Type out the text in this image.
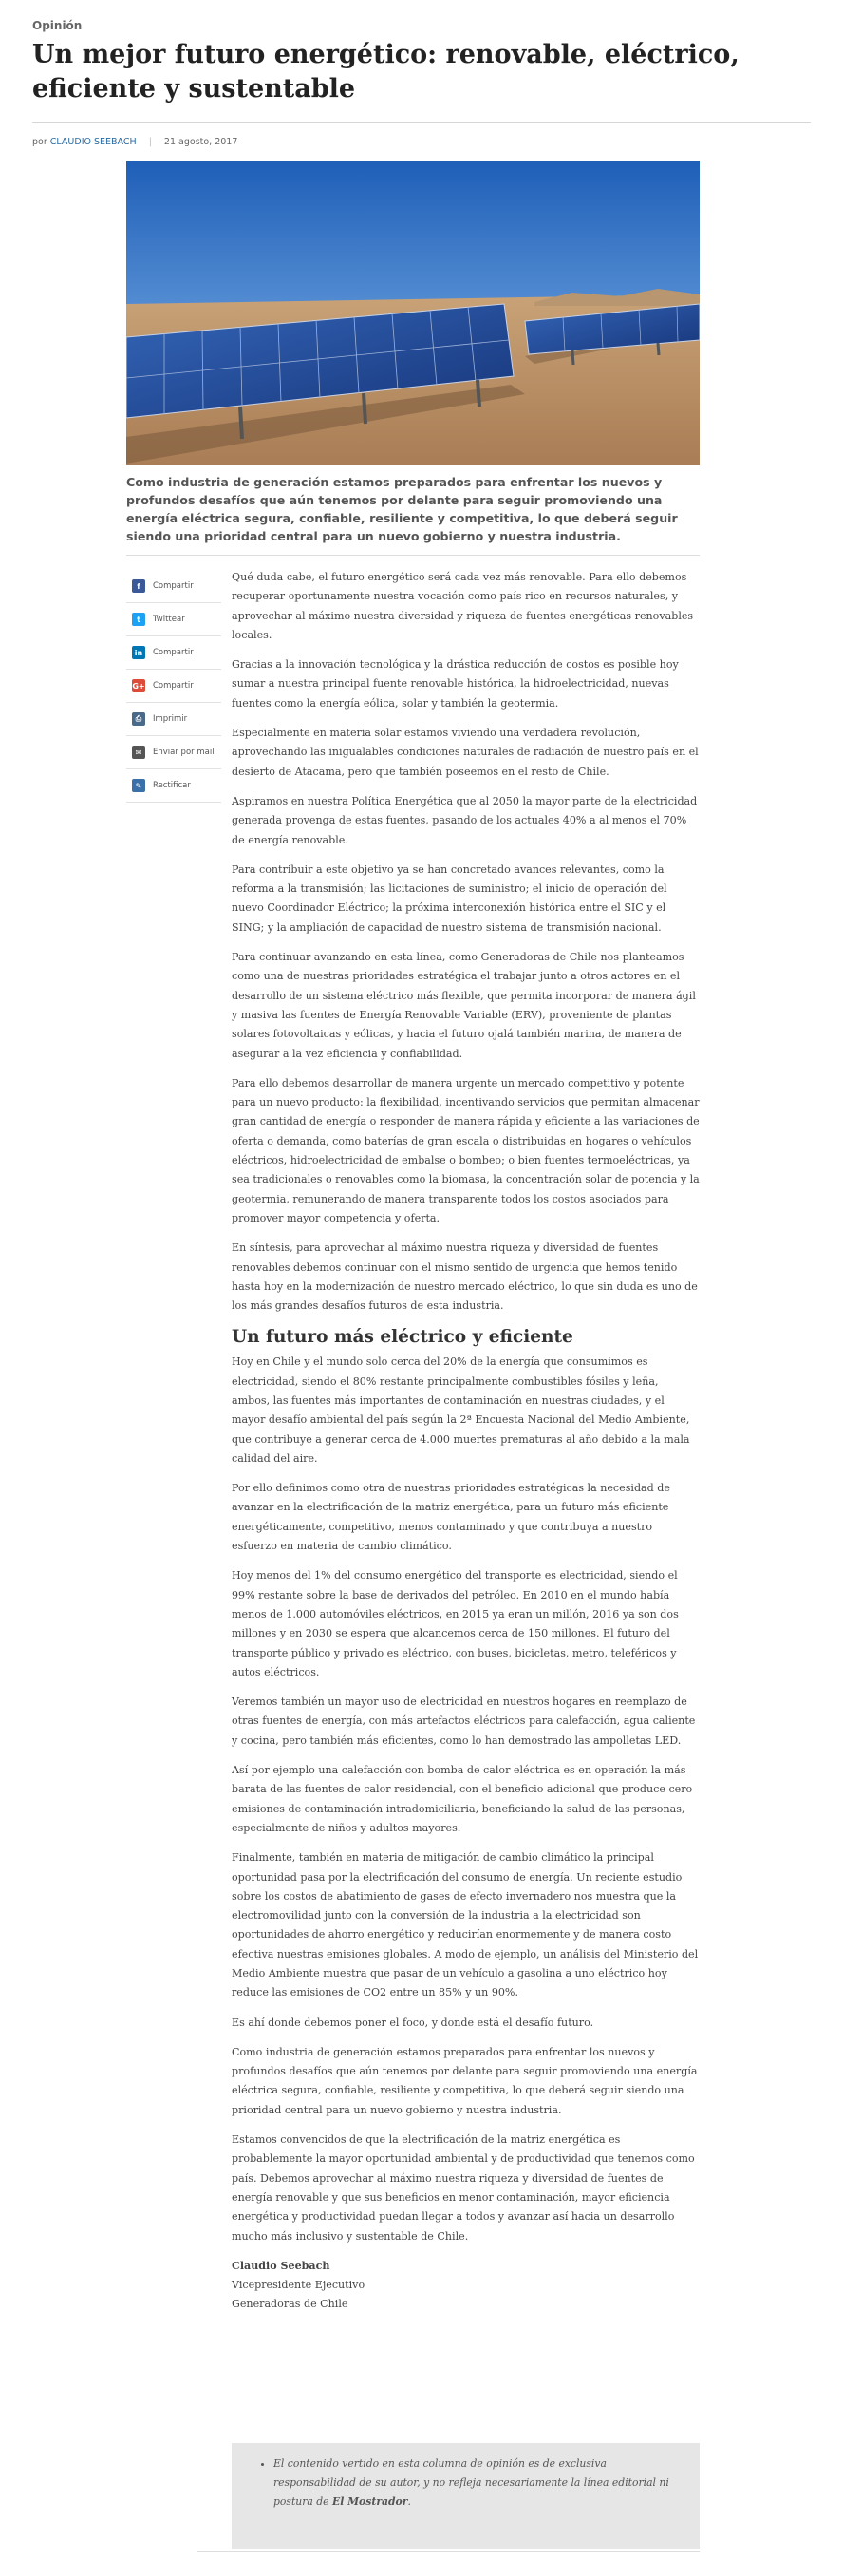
Opinión
Un mejor futuro energético: renovable, eléctrico, eficiente y sustentable
por CLAUDIO SEEBACH | 21 agosto, 2017

Como industria de generación estamos preparados para enfrentar los nuevos y profundos desafíos que aún tenemos por delante para seguir promoviendo una energía eléctrica segura, confiable, resiliente y competitiva, lo que deberá seguir siendo una prioridad central para un nuevo gobierno y nuestra industria.

f	Compartir
t	Twittear
in	Compartir
G+ Compartir
⎙	Imprimir
✉	Enviar por mail
✎	Rectificar

Qué duda cabe, el futuro energético será cada vez más renovable. Para ello debemos recuperar oportunamente nuestra vocación como país rico en recursos naturales, y aprovechar al máximo nuestra diversidad y riqueza de fuentes energéticas renovables locales.

Gracias a la innovación tecnológica y la drástica reducción de costos es posible hoy sumar a nuestra principal fuente renovable histórica, la hidroelectricidad, nuevas fuentes como la energía eólica, solar y también la geotermia.

Especialmente en materia solar estamos viviendo una verdadera revolución, aprovechando las inigualables condiciones naturales de radiación de nuestro país en el desierto de Atacama, pero que también poseemos en el resto de Chile.

Aspiramos en nuestra Política Energética que al 2050 la mayor parte de la electricidad generada provenga de estas fuentes, pasando de los actuales 40% a al menos el 70% de energía renovable.

Para contribuir a este objetivo ya se han concretado avances relevantes, como la reforma a la transmisión; las licitaciones de suministro; el inicio de operación del nuevo Coordinador Eléctrico; la próxima interconexión histórica entre el SIC y el SING; y la ampliación de capacidad de nuestro sistema de transmisión nacional.

Para continuar avanzando en esta línea, como Generadoras de Chile nos planteamos como una de nuestras prioridades estratégica el trabajar junto a otros actores en el desarrollo de un sistema eléctrico más flexible, que permita incorporar de manera ágil y masiva las fuentes de Energía Renovable Variable (ERV), proveniente de plantas solares fotovoltaicas y eólicas, y hacia el futuro ojalá también marina, de manera de asegurar a la vez eficiencia y confiabilidad.

Para ello debemos desarrollar de manera urgente un mercado competitivo y potente para un nuevo producto: la flexibilidad, incentivando servicios que permitan almacenar gran cantidad de energía o responder de manera rápida y eficiente a las variaciones de oferta o demanda, como baterías de gran escala o distribuidas en hogares o vehículos eléctricos, hidroelectricidad de embalse o bombeo; o bien fuentes termoeléctricas, ya sea tradicionales o renovables como la biomasa, la concentración solar de potencia y la geotermia, remunerando de manera transparente todos los costos asociados para promover mayor competencia y oferta.

En síntesis, para aprovechar al máximo nuestra riqueza y diversidad de fuentes renovables debemos continuar con el mismo sentido de urgencia que hemos tenido hasta hoy en la modernización de nuestro mercado eléctrico, lo que sin duda es uno de los más grandes desafíos futuros de esta industria.

Un futuro más eléctrico y eficiente

Hoy en Chile y el mundo solo cerca del 20% de la energía que consumimos es electricidad, siendo el 80% restante principalmente combustibles fósiles y leña, ambos, las fuentes más importantes de contaminación en nuestras ciudades, y el mayor desafío ambiental del país según la 2ª Encuesta Nacional del Medio Ambiente, que contribuye a generar cerca de 4.000 muertes prematuras al año debido a la mala calidad del aire.

Por ello definimos como otra de nuestras prioridades estratégicas la necesidad de avanzar en la electrificación de la matriz energética, para un futuro más eficiente energéticamente, competitivo, menos contaminado y que contribuya a nuestro esfuerzo en materia de cambio climático.

Hoy menos del 1% del consumo energético del transporte es electricidad, siendo el 99% restante sobre la base de derivados del petróleo. En 2010 en el mundo había menos de 1.000 automóviles eléctricos, en 2015 ya eran un millón, 2016 ya son dos millones y en 2030 se espera que alcancemos cerca de 150 millones. El futuro del transporte público y privado es eléctrico, con buses, bicicletas, metro, teleféricos y autos eléctricos.

Veremos también un mayor uso de electricidad en nuestros hogares en reemplazo de otras fuentes de energía, con más artefactos eléctricos para calefacción, agua caliente y cocina, pero también más eficientes, como lo han demostrado las ampolletas LED.

Así por ejemplo una calefacción con bomba de calor eléctrica es en operación la más barata de las fuentes de calor residencial, con el beneficio adicional que produce cero emisiones de contaminación intradomiciliaria, beneficiando la salud de las personas, especialmente de niños y adultos mayores.

Finalmente, también en materia de mitigación de cambio climático la principal oportunidad pasa por la electrificación del consumo de energía. Un reciente estudio sobre los costos de abatimiento de gases de efecto invernadero nos muestra que la electromovilidad junto con la conversión de la industria a la electricidad son oportunidades de ahorro energético y reducirían enormemente y de manera costo efectiva nuestras emisiones globales. A modo de ejemplo, un análisis del Ministerio del Medio Ambiente muestra que pasar de un vehículo a gasolina a uno eléctrico hoy reduce las emisiones de CO2 entre un 85% y un 90%.

Es ahí donde debemos poner el foco, y donde está el desafío futuro.

Como industria de generación estamos preparados para enfrentar los nuevos y profundos desafíos que aún tenemos por delante para seguir promoviendo una energía eléctrica segura, confiable, resiliente y competitiva, lo que deberá seguir siendo una prioridad central para un nuevo gobierno y nuestra industria.

Estamos convencidos de que la electrificación de la matriz energética es probablemente la mayor oportunidad ambiental y de productividad que tenemos como país. Debemos aprovechar al máximo nuestra riqueza y diversidad de fuentes de energía renovable y que sus beneficios en menor contaminación, mayor eficiencia energética y productividad puedan llegar a todos y avanzar así hacia un desarrollo mucho más inclusivo y sustentable de Chile.

Claudio Seebach
Vicepresidente Ejecutivo
Generadoras de Chile
• El contenido vertido en esta columna de opinión es de exclusiva responsabilidad de su autor, y no refleja necesariamente la línea editorial ni postura de El Mostrador.
